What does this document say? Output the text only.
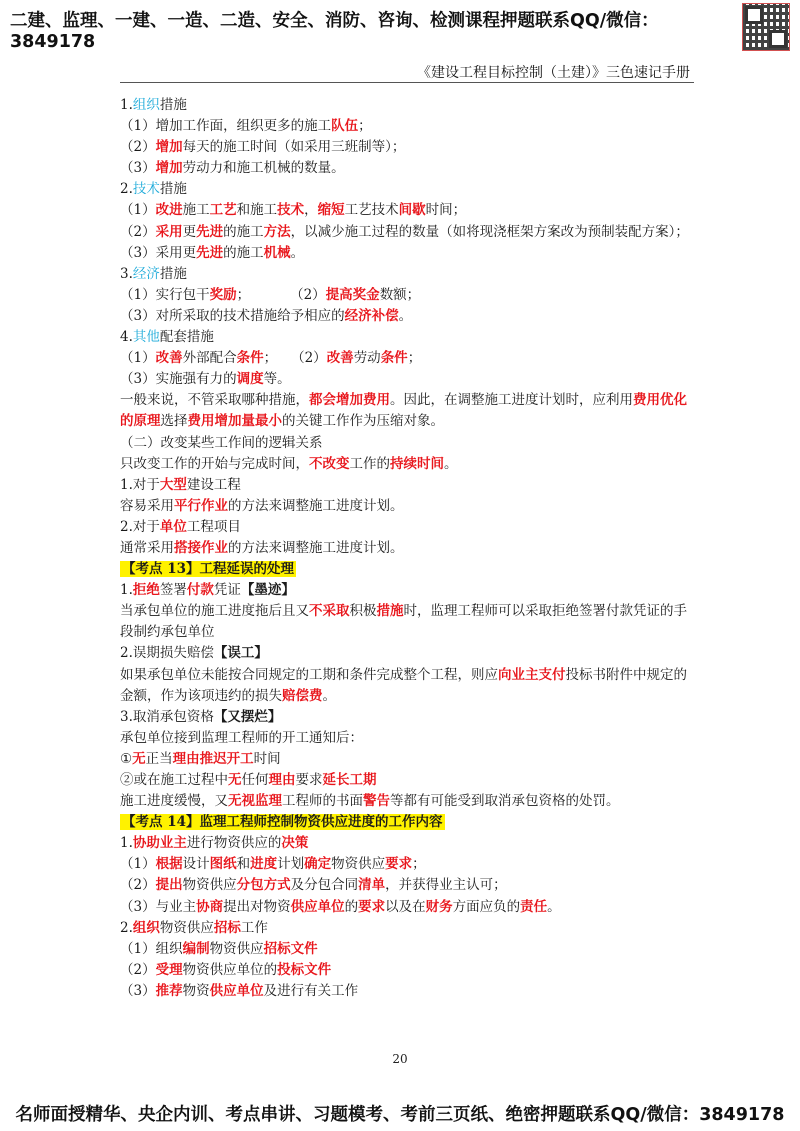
二建、监理、一建、一造、二造、安全、消防、咨询、检测课程押题联系QQ/微信：3849178
《建设工程目标控制（土建）》三色速记手册
1.组织措施
（1）增加工作面，组织更多的施工队伍；
（2）增加每天的施工时间（如采用三班制等）；
（3）增加劳动力和施工机械的数量。
2.技术措施
（1）改进施工工艺和施工技术，缩短工艺技术间歇时间；
（2）采用更先进的施工方法，以减少施工过程的数量（如将现浇框架方案改为预制装配方案）；
（3）采用更先进的施工机械。
3.经济措施
（1）实行包干奖励；	（2）提高奖金数额；
（3）对所采取的技术措施给予相应的经济补偿。
4.其他配套措施
（1）改善外部配合条件； （2）改善劳动条件；
（3）实施强有力的调度等。
一般来说，不管采取哪种措施，都会增加费用。因此，在调整施工进度计划时，应利用费用优化的原理选择费用增加量最小的关键工作作为压缩对象。
（二）改变某些工作间的逻辑关系
只改变工作的开始与完成时间，不改变工作的持续时间。
1.对于大型建设工程
容易采用平行作业的方法来调整施工进度计划。
2.对于单位工程项目
通常采用搭接作业的方法来调整施工进度计划。
【考点 13】工程延误的处理
1.拒绝签署付款凭证【墨迹】
当承包单位的施工进度拖后且又不采取积极措施时，监理工程师可以采取拒绝签署付款凭证的手段制约承包单位
2.误期损失赔偿【误工】
如果承包单位未能按合同规定的工期和条件完成整个工程，则应向业主支付投标书附件中规定的金额，作为该项违约的损失赔偿费。
3.取消承包资格【又摆烂】
承包单位接到监理工程师的开工通知后：
①无正当理由推迟开工时间
②或在施工过程中无任何理由要求延长工期
施工进度缓慢，又无视监理工程师的书面警告等都有可能受到取消承包资格的处罚。
【考点 14】监理工程师控制物资供应进度的工作内容
1.协助业主进行物资供应的决策
（1）根据设计图纸和进度计划确定物资供应要求；
（2）提出物资供应分包方式及分包合同清单，并获得业主认可；
（3）与业主协商提出对物资供应单位的要求以及在财务方面应负的责任。
2.组织物资供应招标工作
（1）组织编制物资供应招标文件
（2）受理物资供应单位的投标文件
（3）推荐物资供应单位及进行有关工作
20
名师面授精华、央企内训、考点串讲、习题模考、考前三页纸、绝密押题联系QQ/微信：3849178
